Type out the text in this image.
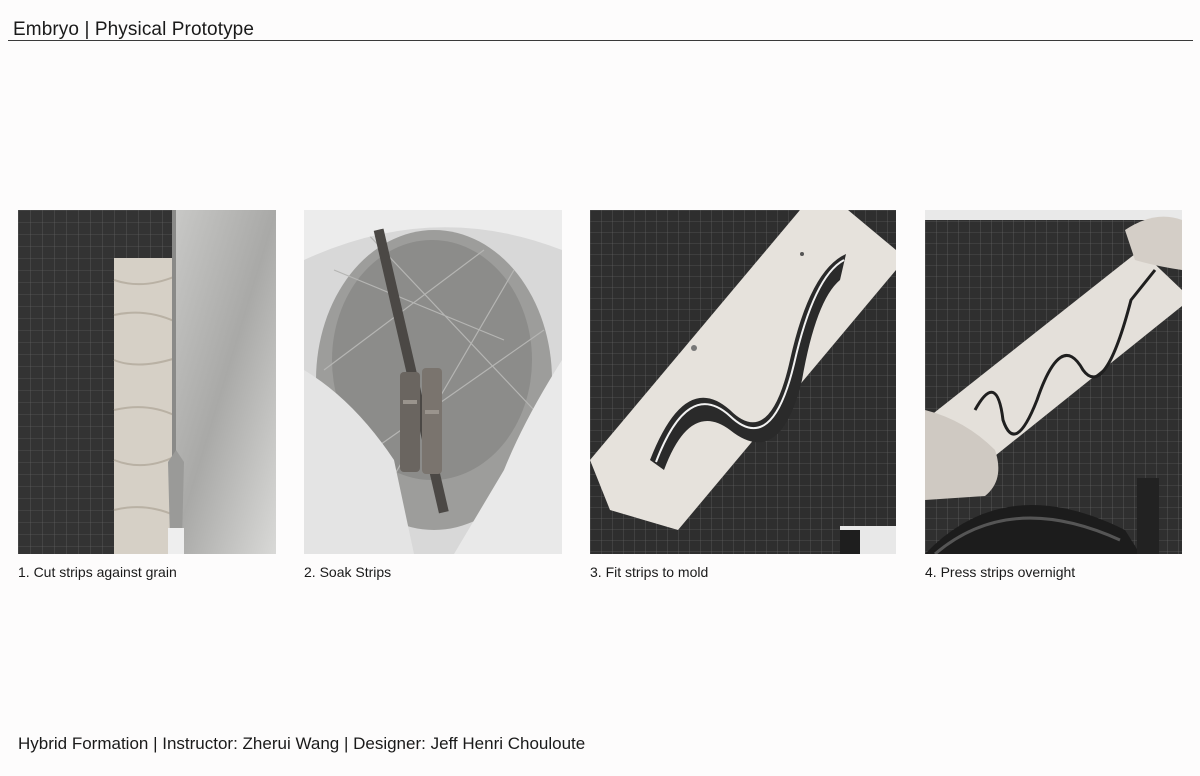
Embryo | Physical Prototype
1. Cut strips against grain	2. Soak Strips	3. Fit strips to mold	4. Press strips overnight
Hybrid Formation | Instructor: Zherui Wang | Designer: Jeff Henri Chouloute
